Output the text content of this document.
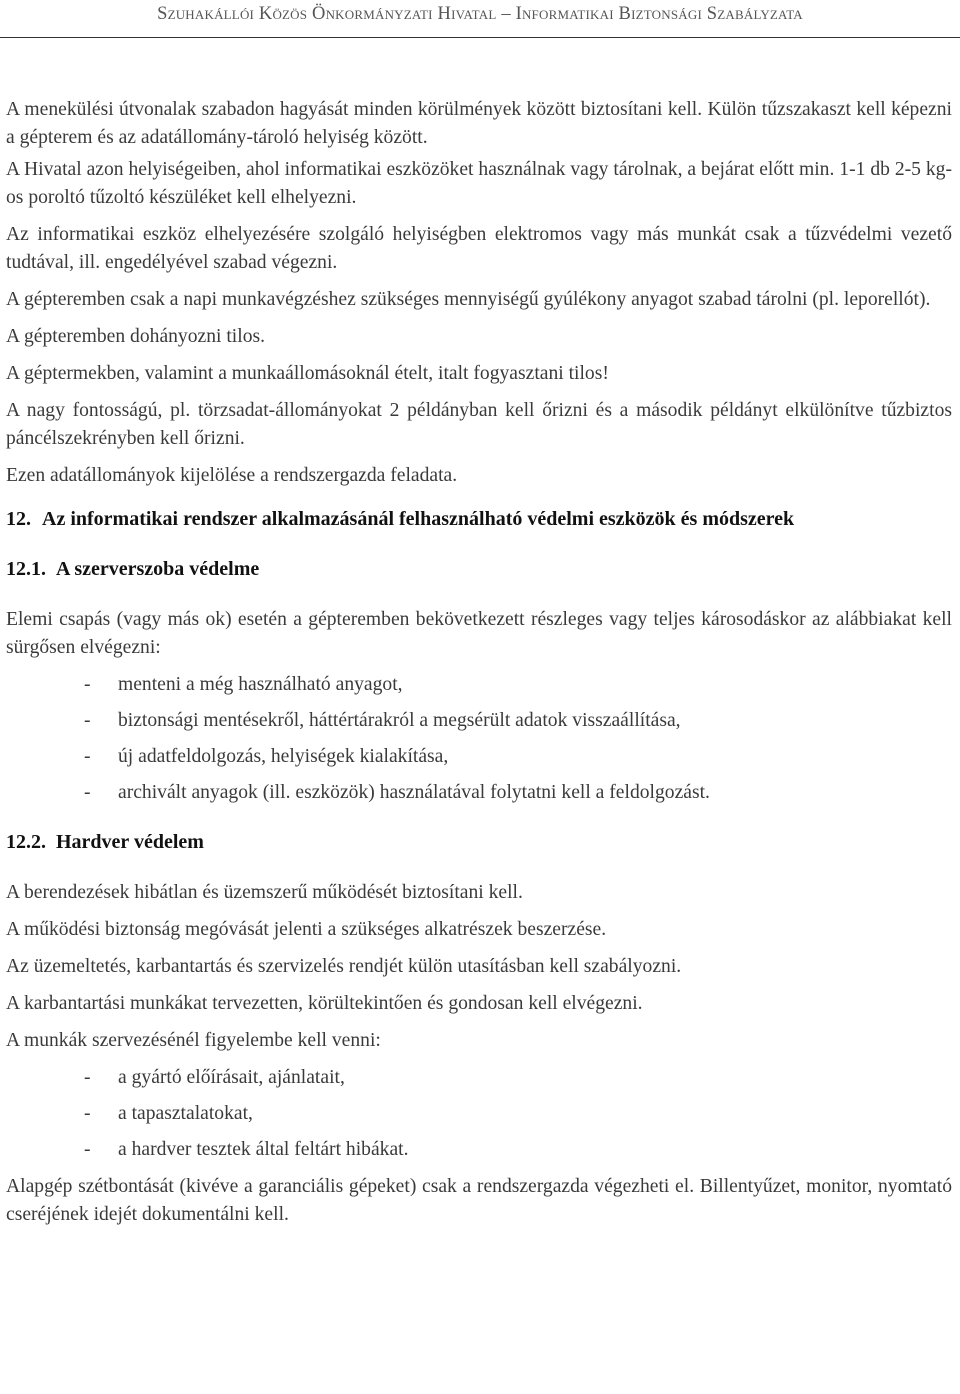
Szuhakállói Közös Önkormányzati Hivatal – Informatikai Biztonsági Szabályzata

A menekülési útvonalak szabadon hagyását minden körülmények között biztosítani kell. Külön tűzszakaszt kell képezni a gépterem és az adatállomány-tároló helyiség között.

A Hivatal azon helyiségeiben, ahol informatikai eszközöket használnak vagy tárolnak, a bejárat előtt min. 1-1 db 2-5 kg-os poroltó tűzoltó készüléket kell elhelyezni.

Az informatikai eszköz elhelyezésére szolgáló helyiségben elektromos vagy más munkát csak a tűzvédelmi vezető tudtával, ill. engedélyével szabad végezni.

A gépteremben csak a napi munkavégzéshez szükséges mennyiségű gyúlékony anyagot szabad tárolni (pl. leporellót).

A gépteremben dohányozni tilos.

A géptermekben, valamint a munkaállomásoknál ételt, italt fogyasztani tilos!

A nagy fontosságú, pl. törzsadat-állományokat 2 példányban kell őrizni és a második példányt elkülönítve tűzbiztos páncélszekrényben kell őrizni.

Ezen adatállományok kijelölése a rendszergazda feladata.

12. Az informatikai rendszer alkalmazásánál felhasználható védelmi eszközök és módszerek
12.1. A szerverszoba védelme

Elemi csapás (vagy más ok) esetén a gépteremben bekövetkezett részleges vagy teljes károsodáskor az alábbiakat kell sürgősen elvégezni:

-	menteni a még használható anyagot,
-	biztonsági mentésekről, háttértárakról a megsérült adatok visszaállítása,
-	új adatfeldolgozás, helyiségek kialakítása,
-	archivált anyagok (ill. eszközök) használatával folytatni kell a feldolgozást.
12.2. Hardver védelem

A berendezések hibátlan és üzemszerű működését biztosítani kell.

A működési biztonság megóvását jelenti a szükséges alkatrészek beszerzése.

Az üzemeltetés, karbantartás és szervizelés rendjét külön utasításban kell szabályozni.

A karbantartási munkákat tervezetten, körültekintően és gondosan kell elvégezni.

A munkák szervezésénél figyelembe kell venni:

-	a gyártó előírásait, ajánlatait,
-	a tapasztalatokat,
-	a hardver tesztek által feltárt hibákat.

Alapgép szétbontását (kivéve a garanciális gépeket) csak a rendszergazda végezheti el. Billentyűzet, monitor, nyomtató cseréjének idejét dokumentálni kell.
